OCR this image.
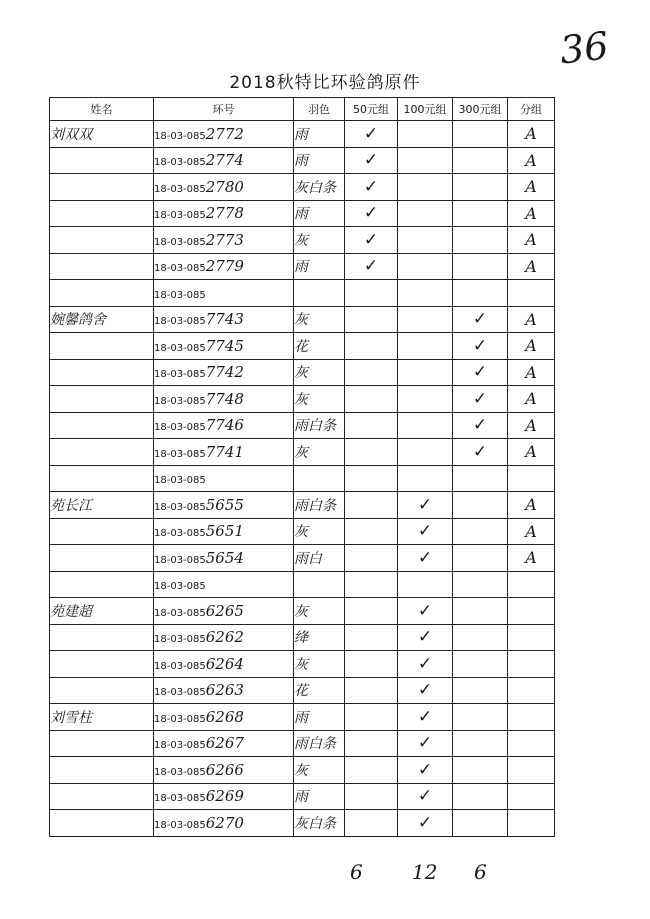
36
2018秋特比环验鸽原件
姓名	环号	羽色	50元组	100元组	300元组	分组
刘双双	18-03-0852772	雨	✓			A
	18-03-0852774	雨	✓			A
	18-03-0852780	灰白条	✓			A
	18-03-0852778	雨	✓			A
	18-03-0852773	灰	✓			A
	18-03-0852779	雨	✓			A
	18-03-085					
婉馨鸽舍	18-03-0857743	灰			✓	A
	18-03-0857745	花			✓	A
	18-03-0857742	灰			✓	A
	18-03-0857748	灰			✓	A
	18-03-0857746	雨白条			✓	A
	18-03-0857741	灰			✓	A
	18-03-085					
苑长江	18-03-0855655	雨白条		✓		A
	18-03-0855651	灰		✓		A
	18-03-0855654	雨白		✓		A
	18-03-085					
苑建超	18-03-0856265	灰		✓		
	18-03-0856262	绛		✓		
	18-03-0856264	灰		✓		
	18-03-0856263	花		✓		
刘雪柱	18-03-0856268	雨		✓		
	18-03-0856267	雨白条		✓		
	18-03-0856266	灰		✓		
	18-03-0856269	雨		✓		
	18-03-0856270	灰白条		✓		
6 12 6
